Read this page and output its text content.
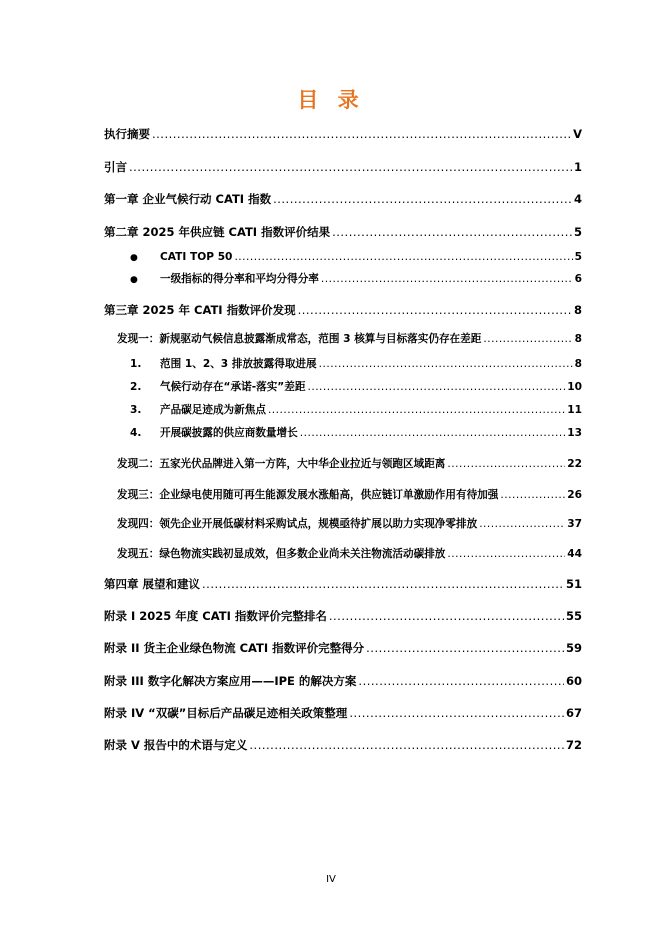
目 录
执行摘要 .....	V
引言 .....	1
第一章 企业气候行动 CATI 指数 .....	4
第二章 2025 年供应链 CATI 指数评价结果 .....	5
●	CATI TOP 50 .....	5
●	一级指标的得分率和平均分得分率 .....	6
第三章 2025 年 CATI 指数评价发现 .....	8
发现一：新规驱动气候信息披露渐成常态，范围 3 核算与目标落实仍存在差距 .....	8
1.	范围 1、2、3 排放披露得取进展 .....	8
2.	气候行动存在“承诺-落实”差距 .....	10
3.	产品碳足迹成为新焦点 .....	11
4.	开展碳披露的供应商数量增长 .....	13
发现二：五家光伏品牌进入第一方阵，大中华企业拉近与领跑区域距离 .....	22
发现三：企业绿电使用随可再生能源发展水涨船高，供应链订单激励作用有待加强 .....	26
发现四：领先企业开展低碳材料采购试点，规模亟待扩展以助力实现净零排放 .....	37
发现五：绿色物流实践初显成效，但多数企业尚未关注物流活动碳排放 .....	44
第四章 展望和建议 .....	51
附录 I 2025 年度 CATI 指数评价完整排名 .....	55
附录 II 货主企业绿色物流 CATI 指数评价完整得分 .....	59
附录 III 数字化解决方案应用——IPE 的解决方案 .....	60
附录 IV “双碳”目标后产品碳足迹相关政策整理 .....	67
附录 V 报告中的术语与定义 .....	72
IV
